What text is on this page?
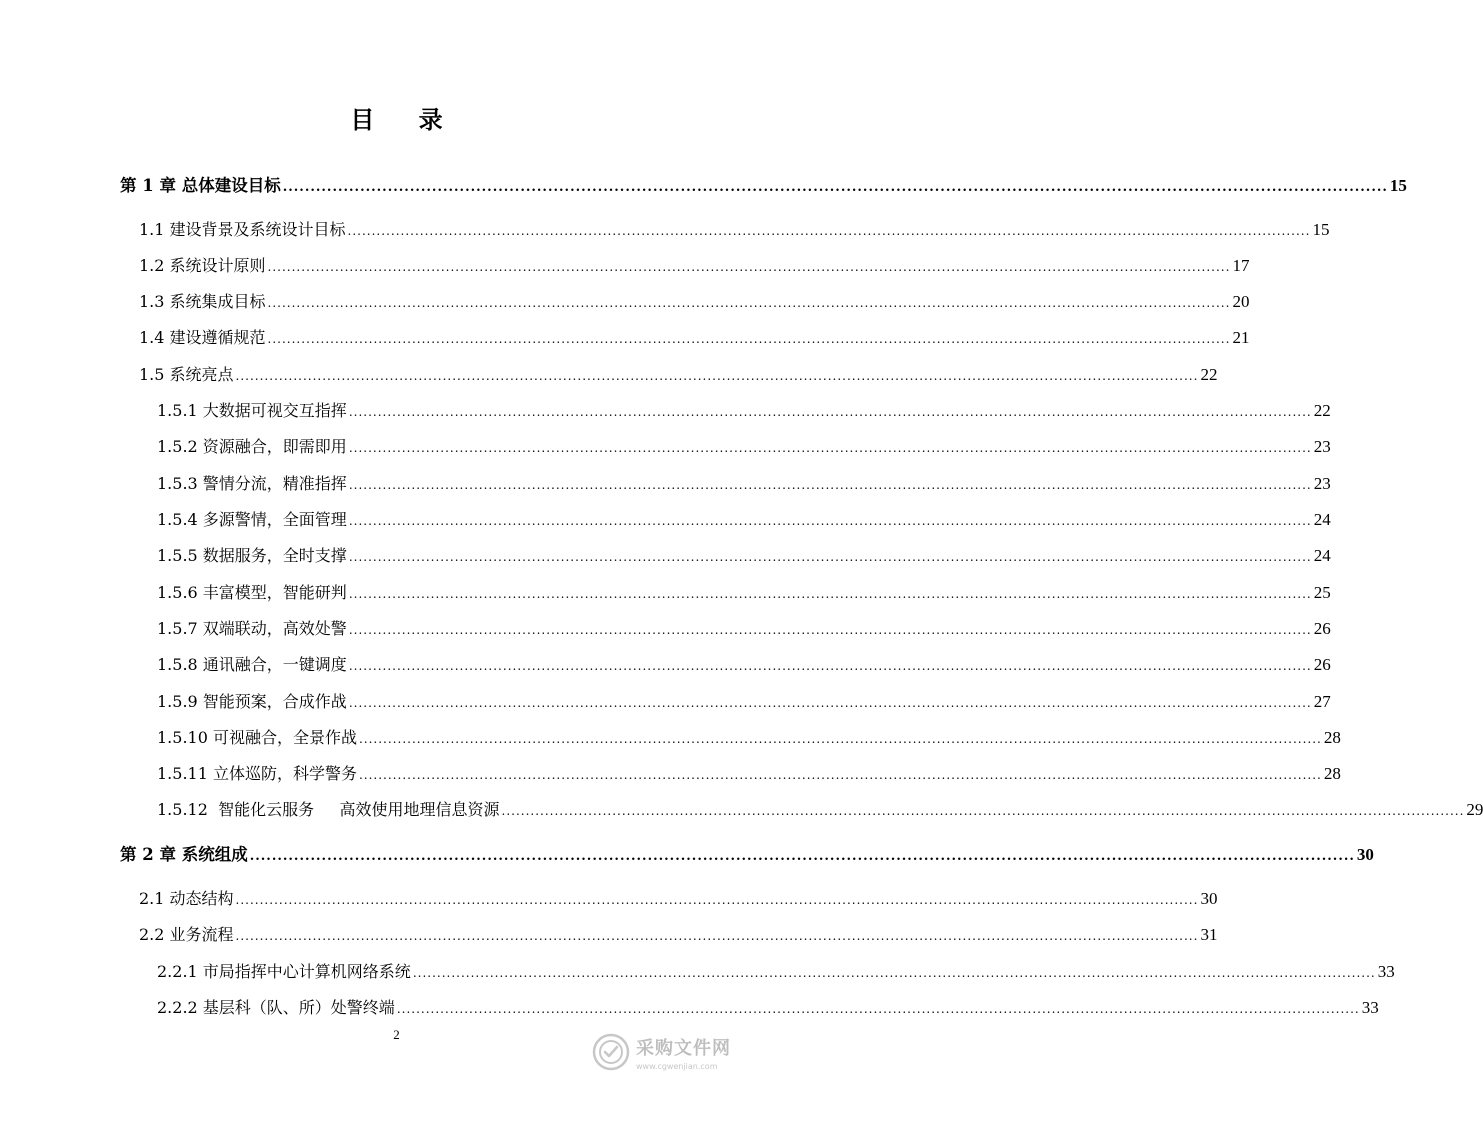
目 录
第 1 章 总体建设目标 ........................................................................................................................................................................................................ 15
1.1 建设背景及系统设计目标 ........................................................................................................................................................................................................ 15
1.2 系统设计原则 ........................................................................................................................................................................................................ 17
1.3 系统集成目标 ........................................................................................................................................................................................................ 20
1.4 建设遵循规范 ........................................................................................................................................................................................................ 21
1.5 系统亮点 ........................................................................................................................................................................................................ 22
1.5.1 大数据可视交互指挥 ........................................................................................................................................................................................................ 22
1.5.2 资源融合，即需即用 ........................................................................................................................................................................................................ 23
1.5.3 警情分流，精准指挥 ........................................................................................................................................................................................................ 23
1.5.4 多源警情，全面管理 ........................................................................................................................................................................................................ 24
1.5.5 数据服务，全时支撑 ........................................................................................................................................................................................................ 24
1.5.6 丰富模型，智能研判 ........................................................................................................................................................................................................ 25
1.5.7 双端联动，高效处警 ........................................................................................................................................................................................................ 26
1.5.8 通讯融合，一键调度 ........................................................................................................................................................................................................ 26
1.5.9 智能预案，合成作战 ........................................................................................................................................................................................................ 27
1.5.10 可视融合，全景作战 ........................................................................................................................................................................................................ 28
1.5.11 立体巡防，科学警务 ........................................................................................................................................................................................................ 28
1.5.12  智能化云服务     高效使用地理信息资源 ........................................................................................................................................................................................................ 29
第 2 章 系统组成 ........................................................................................................................................................................................................ 30
2.1 动态结构 ........................................................................................................................................................................................................ 30
2.2 业务流程 ........................................................................................................................................................................................................ 31
2.2.1 市局指挥中心计算机网络系统 ........................................................................................................................................................................................................ 33
2.2.2 基层科（队、所）处警终端 ........................................................................................................................................................................................................ 33
2
采购文件网
www.cgwenjian.com
